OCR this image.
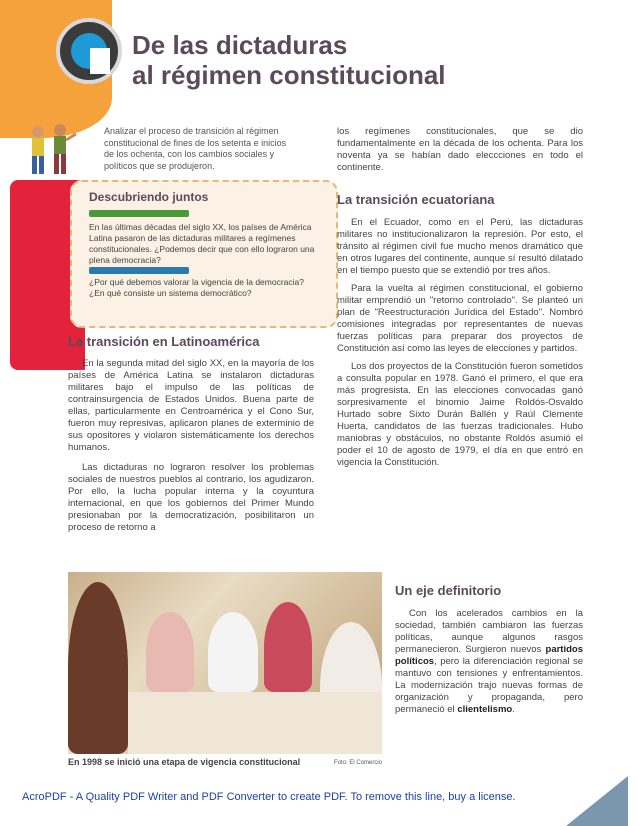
De las dictaduras
al régimen constitucional

Analizar el proceso de transición al régimen constitucional de fines de los setenta e inicios de los ochenta, con los cambios sociales y políticos que se produjeron.

Descubriendo juntos

En las últimas décadas del siglo XX, los países de América Latina pasaron de las dictaduras militares a regímenes constitucionales. ¿Podemos decir que con ello lograron una plena democracia?

¿Por qué debemos valorar la vigencia de la democracia?
¿En qué consiste un sistema democrático?

La transición en Latinoamérica

En la segunda mitad del siglo XX, en la mayoría de los países de América Latina se instalaron dictaduras militares bajo el impulso de las políticas de contrainsurgencia de Estados Unidos. Buena parte de ellas, particularmente en Centroamérica y el Cono Sur, fueron muy represivas, aplicaron planes de exterminio de sus opositores y violaron sistemáticamente los derechos humanos.

Las dictaduras no lograron resolver los problemas sociales de nuestros pueblos al contrario, los agudizaron. Por ello, la lucha popular interna y la coyuntura internacional, en que los gobiernos del Primer Mundo presionaban por la democratización, posibilitaron un proceso de retorno a

los regímenes constitucionales, que se dio fundamentalmente en la década de los ochenta. Para los noventa ya se habían dado eleccciones en todo el continente.

La transición ecuatoriana

En el Ecuador, como en el Perú, las dictaduras militares no institucionalizaron la represión. Por esto, el tránsito al régimen civil fue mucho menos dramático que en otros lugares del continente, aunque sí resultó dilatado en el tiempo puesto que se extendió por tres años.

Para la vuelta al régimen constitucional, el gobierno militar emprendió un "retorno controlado". Se planteó un plan de "Reestructuración Jurídica del Estado". Nombró comisiones integradas por representantes de nuevas fuerzas políticas para preparar dos proyectos de Constitución así como las leyes de elecciones y partidos.

Los dos proyectos de la Constitución fueron sometidos a consulta popular en 1978. Ganó el primero, el que era más progresista. En las elecciones convocadas ganó sorpresivamente el binomio Jaime Roldós-Osvaldo Hurtado sobre Sixto Durán Ballén y Raúl Clemente Huerta, candidatos de las fuerzas tradicionales. Hubo maniobras y obstáculos, no obstante Roldós asumió el poder el 10 de agosto de 1979, el día en que entró en vigencia la Constitución.

Un eje definitorio

Con los acelerados cambios en la sociedad, también cambiaron las fuerzas políticas, aunque algunos rasgos permanecieron. Surgieron nuevos partidos políticos, pero la diferenciación regional se mantuvo con tensiones y enfrentamientos. La modernización trajo nuevas formas de organización y propaganda, pero permaneció el clientelismo.

En 1998 se inició una etapa de vigencia constitucional	Foto: El Comercio

AcroPDF - A Quality PDF Writer and PDF Converter to create PDF. To remove this line, buy a license.
